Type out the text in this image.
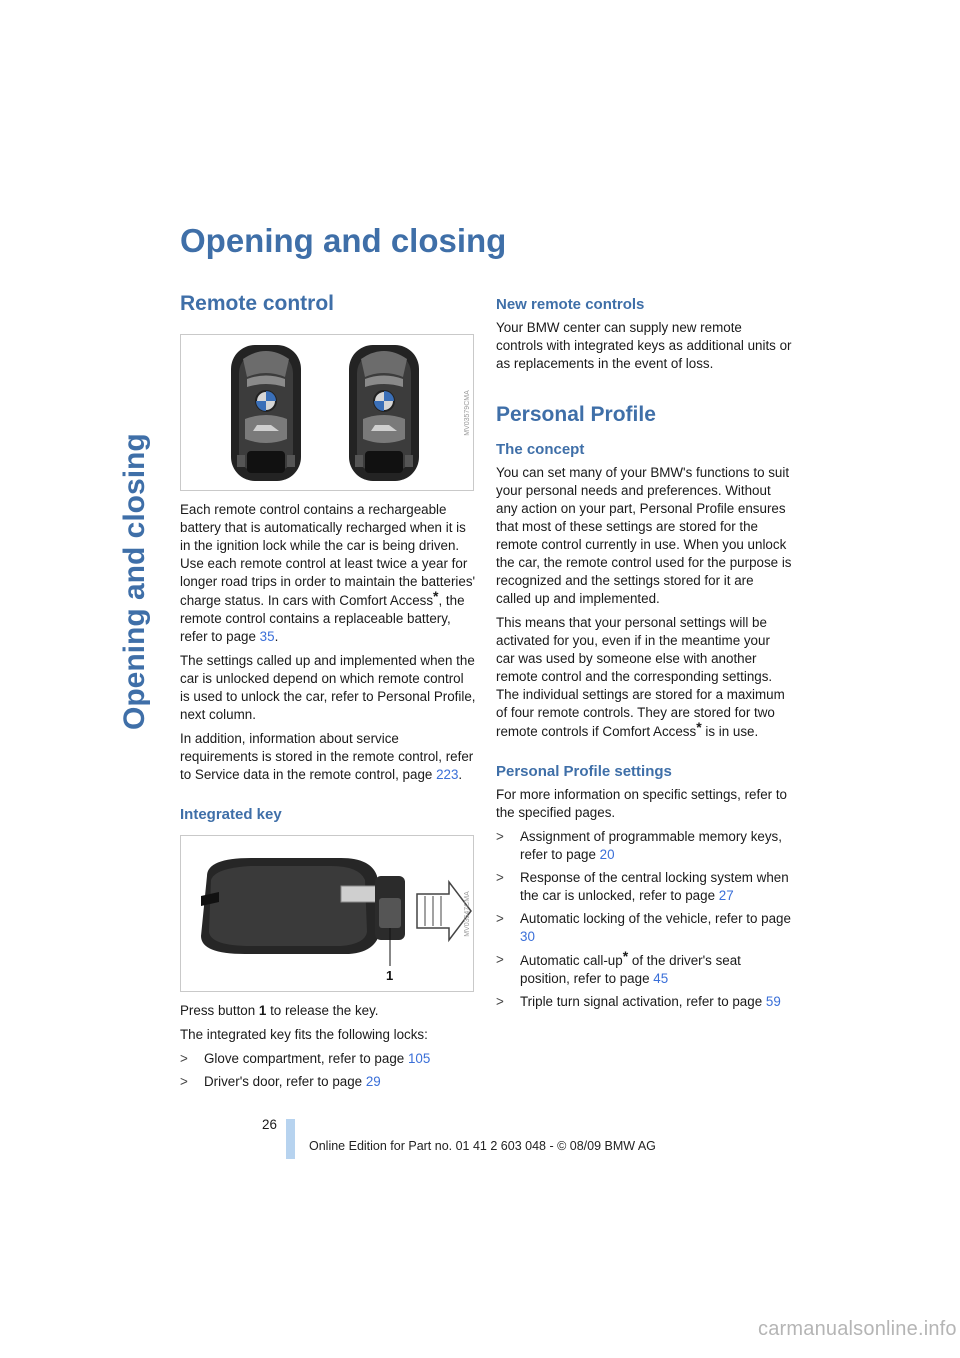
Opening and closing
Opening and closing
Remote control
MV03579CMA

Each remote control contains a rechargeable battery that is automatically recharged when it is in the ignition lock while the car is being driven. Use each remote control at least twice a year for longer road trips in order to maintain the batteries' charge status. In cars with Comfort Access*, the remote control contains a replaceable battery, refer to page 35.

The settings called up and implemented when the car is unlocked depend on which remote control is used to unlock the car, refer to Personal Profile, next column.

In addition, information about service requirements is stored in the remote control, refer to Service data in the remote control, page 223.

Integrated key
1
MV03547CMA

Press button 1 to release the key.

The integrated key fits the following locks:

>	Glove compartment, refer to page 105
>	Driver's door, refer to page 29
New remote controls

Your BMW center can supply new remote controls with integrated keys as additional units or as replacements in the event of loss.

Personal Profile
The concept

You can set many of your BMW's functions to suit your personal needs and preferences. Without any action on your part, Personal Profile ensures that most of these settings are stored for the remote control currently in use. When you unlock the car, the remote control used for the purpose is recognized and the settings stored for it are called up and implemented.

This means that your personal settings will be activated for you, even if in the meantime your car was used by someone else with another remote control and the corresponding settings. The individual settings are stored for a maximum of four remote controls. They are stored for two remote controls if Comfort Access* is in use.

Personal Profile settings

For more information on specific settings, refer to the specified pages.

>	Assignment of programmable memory keys, refer to page 20
>	Response of the central locking system when the car is unlocked, refer to page 27
>	Automatic locking of the vehicle, refer to page 30
>	Automatic call-up* of the driver's seat position, refer to page 45
>	Triple turn signal activation, refer to page 59
26
Online Edition for Part no. 01 41 2 603 048 - © 08/09 BMW AG
carmanualsonline.info
